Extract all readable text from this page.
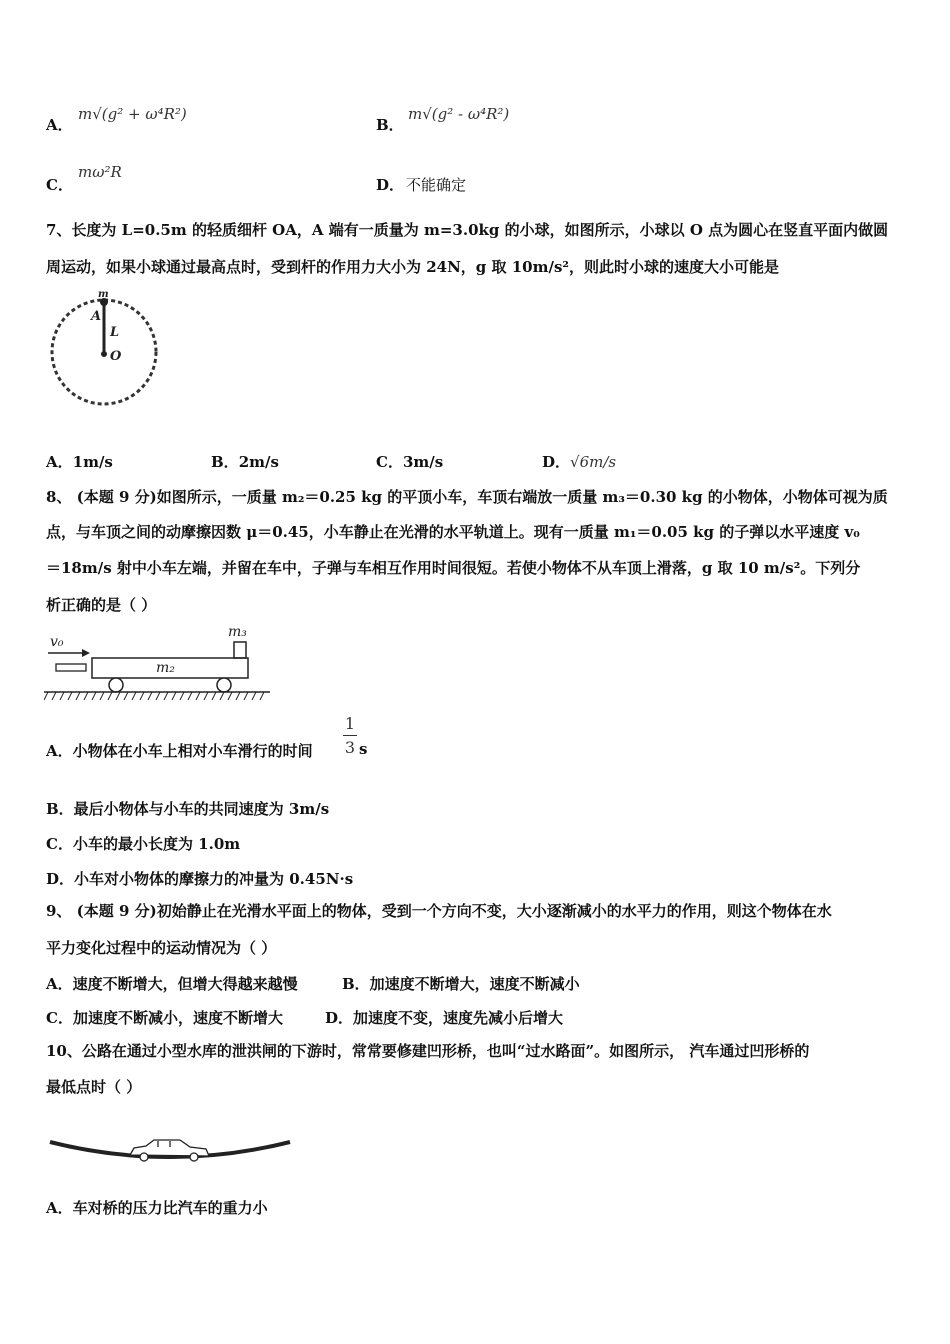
A．
m√(g² + ω⁴R²)
B．
m√(g² - ω⁴R²)
C．
mω²R
D． 不能确定
7、长度为 L=0.5m 的轻质细杆 OA，A 端有一质量为 m=3.0kg 的小球，如图所示，小球以 O 点为圆心在竖直平面内做圆
周运动，如果小球通过最高点时，受到杆的作用力大小为 24N，g 取 10m/s²，则此时小球的速度大小可能是
m
A
L
O
A．1m/s	B．2m/s	C．3m/s	D．√6m/s
8、 (本题 9 分)如图所示，一质量 m₂＝0.25 kg 的平顶小车，车顶右端放一质量 m₃＝0.30 kg 的小物体，小物体可视为质
点，与车顶之间的动摩擦因数 μ＝0.45，小车静止在光滑的水平轨道上。现有一质量 m₁＝0.05 kg 的子弹以水平速度 v₀
＝18m/s 射中小车左端，并留在车中，子弹与车相互作用时间很短。若使小物体不从车顶上滑落，g 取 10 m/s²。下列分
析正确的是（ ）
v₀
m₂
m₃
A．小物体在小车上相对小车滑行的时间
1
3 s
B．最后小物体与小车的共同速度为 3m/s
C．小车的最小长度为 1.0m
D．小车对小物体的摩擦力的冲量为 0.45N·s
9、 (本题 9 分)初始静止在光滑水平面上的物体，受到一个方向不变，大小逐渐减小的水平力的作用，则这个物体在水
平力变化过程中的运动情况为（ ）
A．速度不断增大，但增大得越来越慢	B．加速度不断增大，速度不断减小
C．加速度不断减小，速度不断增大	D．加速度不变，速度先减小后增大
10、公路在通过小型水库的泄洪闸的下游时，常常要修建凹形桥，也叫“过水路面”。如图所示， 汽车通过凹形桥的
最低点时（ ）
A．车对桥的压力比汽车的重力小
